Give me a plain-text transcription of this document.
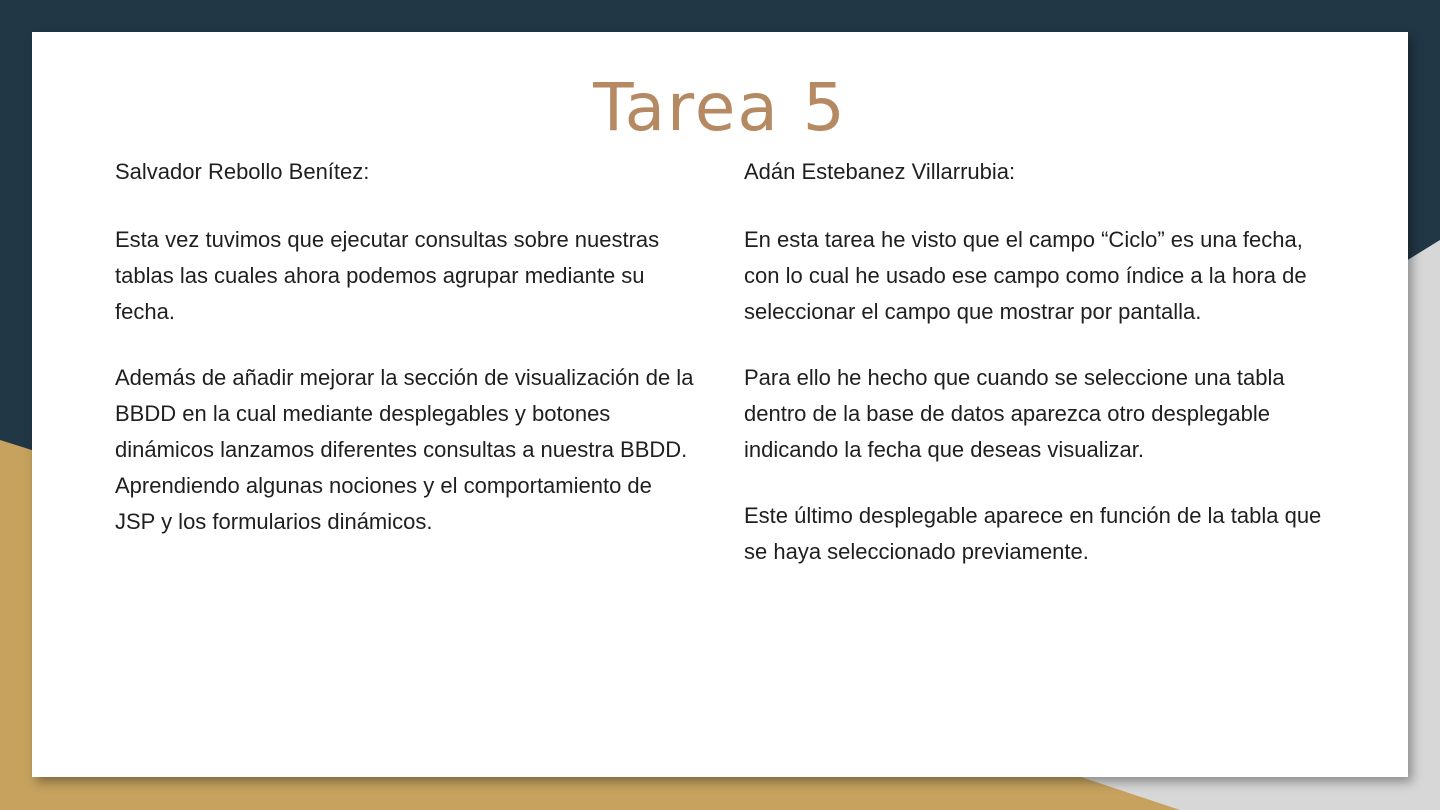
Tarea 5

Salvador Rebollo Benítez:

Esta vez tuvimos que ejecutar consultas sobre nuestras tablas las cuales ahora podemos agrupar mediante su fecha.

Además de añadir mejorar la sección de visualización de la BBDD en la cual mediante desplegables y botones dinámicos lanzamos diferentes consultas a nuestra BBDD. Aprendiendo algunas nociones y el comportamiento de JSP y los formularios dinámicos.

Adán Estebanez Villarrubia:

En esta tarea he visto que el campo “Ciclo” es una fecha, con lo cual he usado ese campo como índice a la hora de seleccionar el campo que mostrar por pantalla.

Para ello he hecho que cuando se seleccione una tabla dentro de la base de datos aparezca otro desplegable indicando la fecha que deseas visualizar.

Este último desplegable aparece en función de la tabla que se haya seleccionado previamente.
